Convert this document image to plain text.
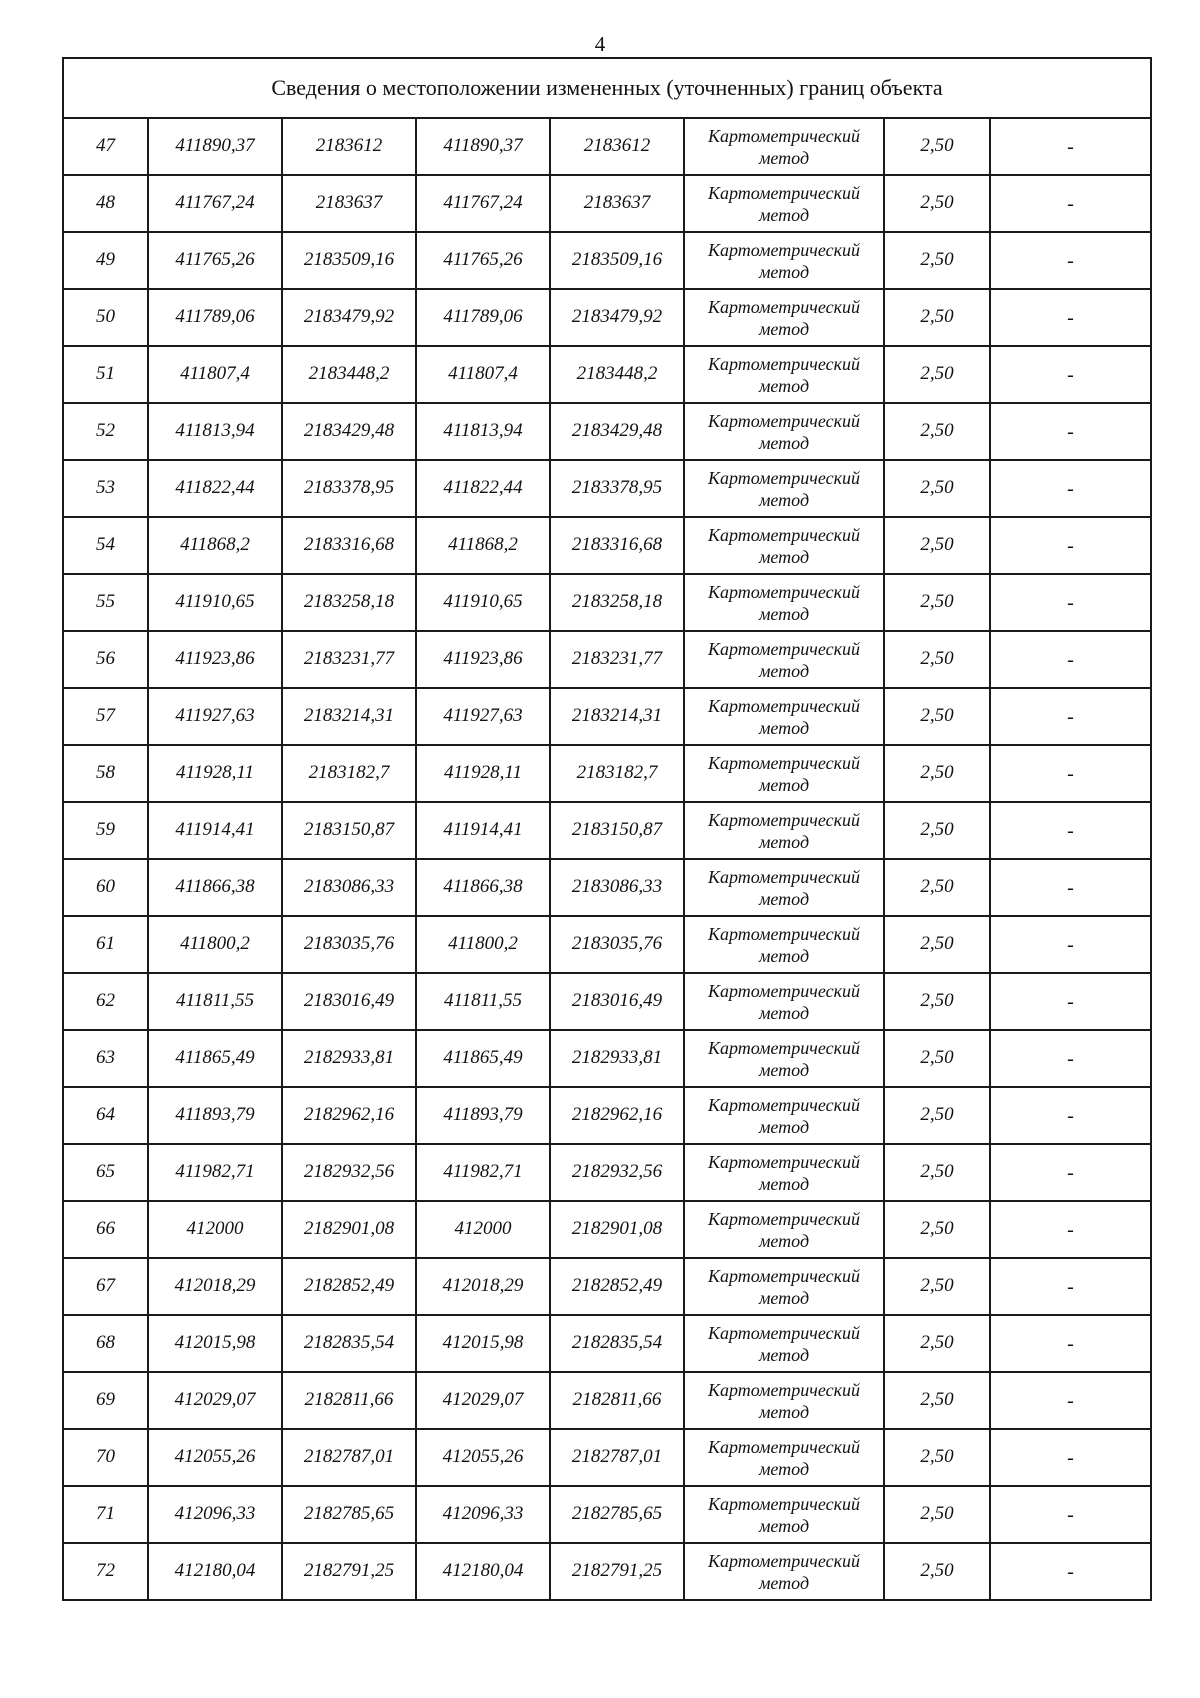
4
Сведения о местоположении измененных (уточненных) границ объекта							
47	411890,37	2183612	411890,37	2183612	Картометрический метод	2,50	-
48	411767,24	2183637	411767,24	2183637	Картометрический метод	2,50	-
49	411765,26	2183509,16	411765,26	2183509,16	Картометрический метод	2,50	-
50	411789,06	2183479,92	411789,06	2183479,92	Картометрический метод	2,50	-
51	411807,4	2183448,2	411807,4	2183448,2	Картометрический метод	2,50	-
52	411813,94	2183429,48	411813,94	2183429,48	Картометрический метод	2,50	-
53	411822,44	2183378,95	411822,44	2183378,95	Картометрический метод	2,50	-
54	411868,2	2183316,68	411868,2	2183316,68	Картометрический метод	2,50	-
55	411910,65	2183258,18	411910,65	2183258,18	Картометрический метод	2,50	-
56	411923,86	2183231,77	411923,86	2183231,77	Картометрический метод	2,50	-
57	411927,63	2183214,31	411927,63	2183214,31	Картометрический метод	2,50	-
58	411928,11	2183182,7	411928,11	2183182,7	Картометрический метод	2,50	-
59	411914,41	2183150,87	411914,41	2183150,87	Картометрический метод	2,50	-
60	411866,38	2183086,33	411866,38	2183086,33	Картометрический метод	2,50	-
61	411800,2	2183035,76	411800,2	2183035,76	Картометрический метод	2,50	-
62	411811,55	2183016,49	411811,55	2183016,49	Картометрический метод	2,50	-
63	411865,49	2182933,81	411865,49	2182933,81	Картометрический метод	2,50	-
64	411893,79	2182962,16	411893,79	2182962,16	Картометрический метод	2,50	-
65	411982,71	2182932,56	411982,71	2182932,56	Картометрический метод	2,50	-
66	412000	2182901,08	412000	2182901,08	Картометрический метод	2,50	-
67	412018,29	2182852,49	412018,29	2182852,49	Картометрический метод	2,50	-
68	412015,98	2182835,54	412015,98	2182835,54	Картометрический метод	2,50	-
69	412029,07	2182811,66	412029,07	2182811,66	Картометрический метод	2,50	-
70	412055,26	2182787,01	412055,26	2182787,01	Картометрический метод	2,50	-
71	412096,33	2182785,65	412096,33	2182785,65	Картометрический метод	2,50	-
72	412180,04	2182791,25	412180,04	2182791,25	Картометрический метод	2,50	-
